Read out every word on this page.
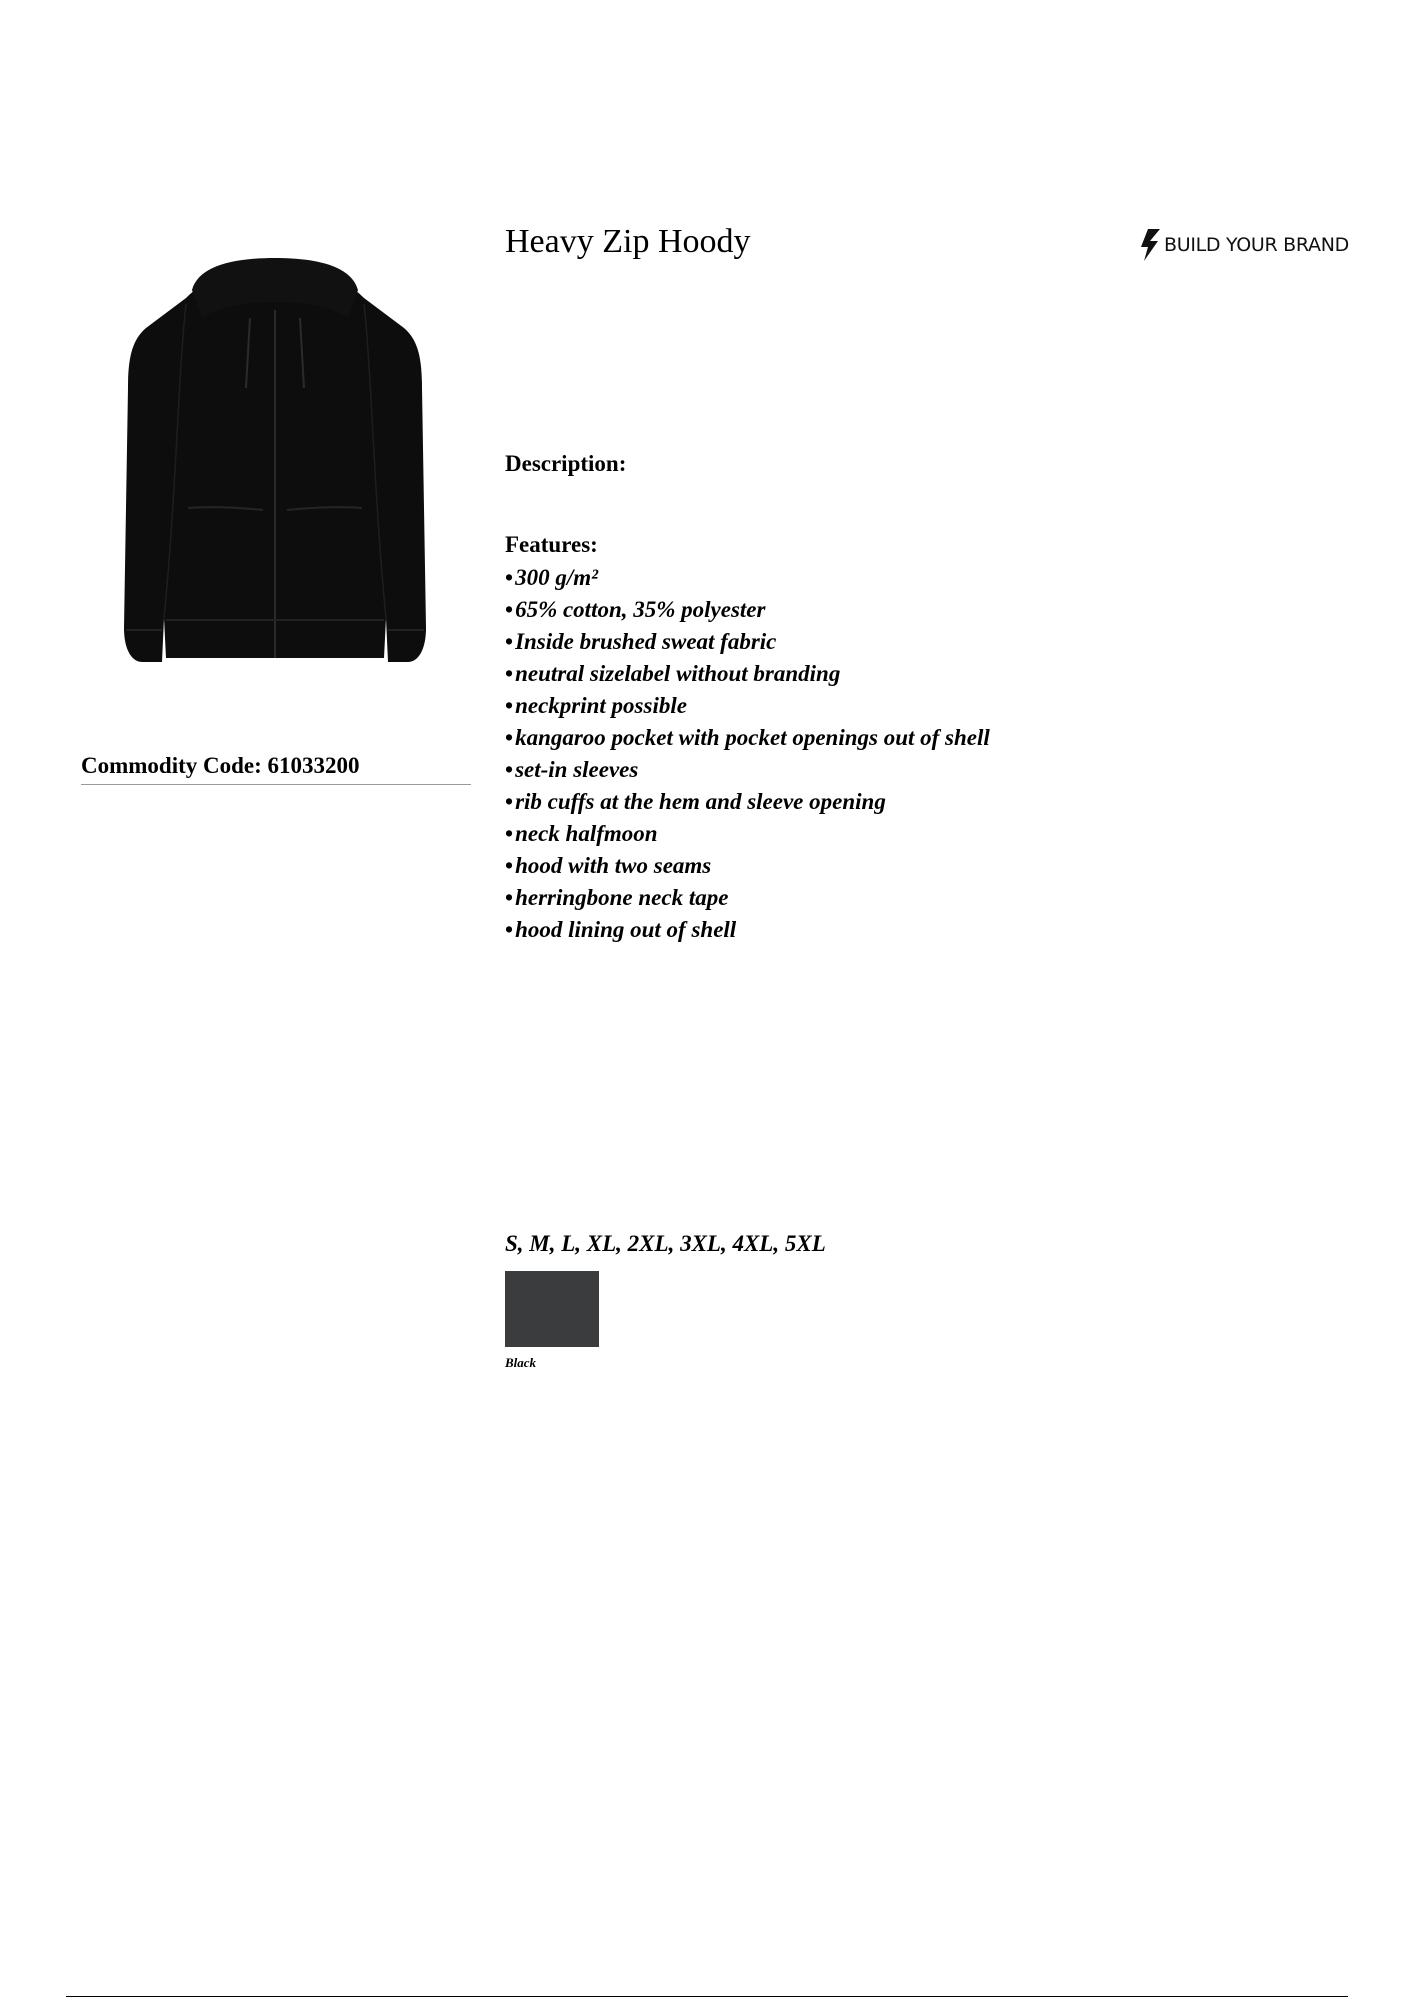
Commodity Code: 61033200
Heavy Zip Hoody	BUILD YOUR BRAND
Description:
Features:
•300 g/m²
•65% cotton, 35% polyester
•Inside brushed sweat fabric
•neutral sizelabel without branding
•neckprint possible
•kangaroo pocket with pocket openings out of shell
•set-in sleeves
•rib cuffs at the hem and sleeve opening
•neck halfmoon
•hood with two seams
•herringbone neck tape
•hood lining out of shell
S, M, L, XL, 2XL, 3XL, 4XL, 5XL
Black
